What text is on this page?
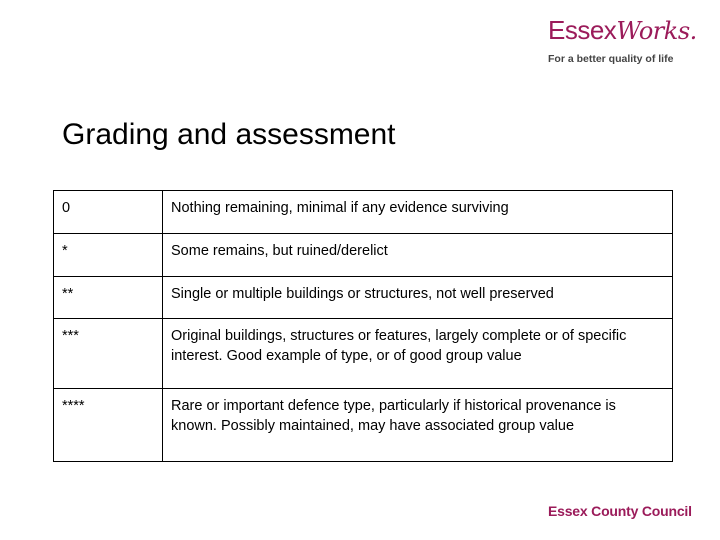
EssexWorks.
For a better quality of life
Grading and assessment
0	Nothing remaining, minimal if any evidence surviving
*	Some remains, but ruined/derelict
**	Single or multiple buildings or structures, not well preserved
***	Original buildings, structures or features, largely complete or of specific interest. Good example of type, or of good group value
****	Rare or important defence type, particularly if historical provenance is known. Possibly maintained, may have associated group value
Essex County Council
